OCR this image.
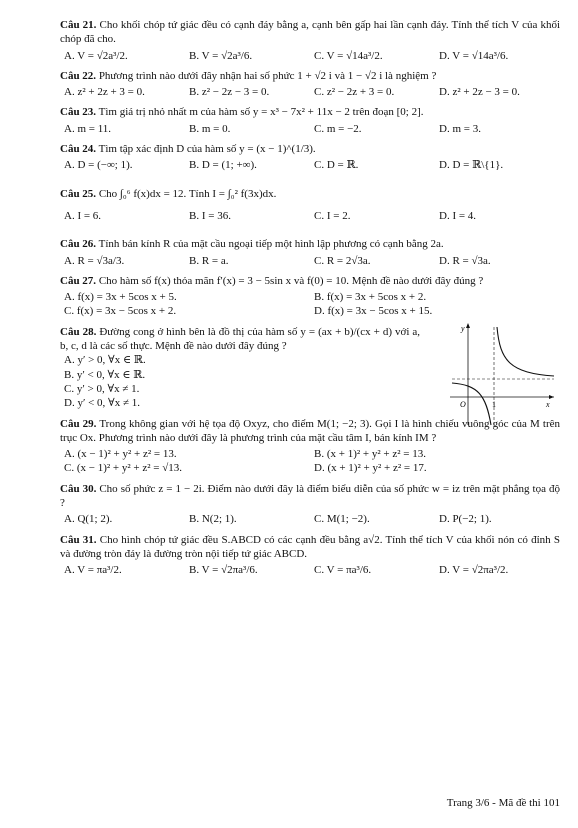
Câu 21. Cho khối chóp tứ giác đều có cạnh đáy bằng a, cạnh bên gấp hai lần cạnh đáy. Tính thể tích V của khối chóp đã cho.
A. V = √2a³/2.	B. V = √2a³/6.	C. V = √14a³/2.	D. V = √14a³/6.
Câu 22. Phương trình nào dưới đây nhận hai số phức 1 + √2 i và 1 − √2 i là nghiệm ?
A. z² + 2z + 3 = 0.	B. z² − 2z − 3 = 0.	C. z² − 2z + 3 = 0.	D. z² + 2z − 3 = 0.
Câu 23. Tìm giá trị nhỏ nhất m của hàm số y = x³ − 7x² + 11x − 2 trên đoạn [0; 2].
A. m = 11.	B. m = 0.	C. m = −2.	D. m = 3.
Câu 24. Tìm tập xác định D của hàm số y = (x − 1)^(1/3).
A. D = (−∞; 1).	B. D = (1; +∞).	C. D = ℝ.	D. D = ℝ\{1}.
Câu 25. Cho ∫₀⁶ f(x)dx = 12. Tính I = ∫₀² f(3x)dx.
A. I = 6.	B. I = 36.	C. I = 2.	D. I = 4.
Câu 26. Tính bán kính R của mặt cầu ngoại tiếp một hình lập phương có cạnh bằng 2a.
A. R = √3a/3.	B. R = a.	C. R = 2√3a.	D. R = √3a.
Câu 27. Cho hàm số f(x) thỏa mãn f′(x) = 3 − 5sin x và f(0) = 10. Mệnh đề nào dưới đây đúng ?
A. f(x) = 3x + 5cos x + 5.	B. f(x) = 3x + 5cos x + 2.
C. f(x) = 3x − 5cos x + 2.	D. f(x) = 3x − 5cos x + 15.
Câu 28. Đường cong ở hình bên là đồ thị của hàm số y = (ax + b)/(cx + d) với a, b, c, d là các số thực. Mệnh đề nào dưới đây đúng ?
A. y′ > 0, ∀x ∈ ℝ.
B. y′ < 0, ∀x ∈ ℝ.
C. y′ > 0, ∀x ≠ 1.
D. y′ < 0, ∀x ≠ 1.
y
x
O	1
Câu 29. Trong không gian với hệ tọa độ Oxyz, cho điểm M(1; −2; 3). Gọi I là hình chiếu vuông góc của M trên trục Ox. Phương trình nào dưới đây là phương trình của mặt cầu tâm I, bán kính IM ?
A. (x − 1)² + y² + z² = 13.	B. (x + 1)² + y² + z² = 13.
C. (x − 1)² + y² + z² = √13.	D. (x + 1)² + y² + z² = 17.
Câu 30. Cho số phức z = 1 − 2i. Điểm nào dưới đây là điểm biểu diễn của số phức w = iz trên mặt phẳng tọa độ ?
A. Q(1; 2).	B. N(2; 1).	C. M(1; −2).	D. P(−2; 1).
Câu 31. Cho hình chóp tứ giác đều S.ABCD có các cạnh đều bằng a√2. Tính thể tích V của khối nón có đỉnh S và đường tròn đáy là đường tròn nội tiếp tứ giác ABCD.
A. V = πa³/2.	B. V = √2πa³/6.	C. V = πa³/6.	D. V = √2πa³/2.
Trang 3/6 - Mã đề thi 101
